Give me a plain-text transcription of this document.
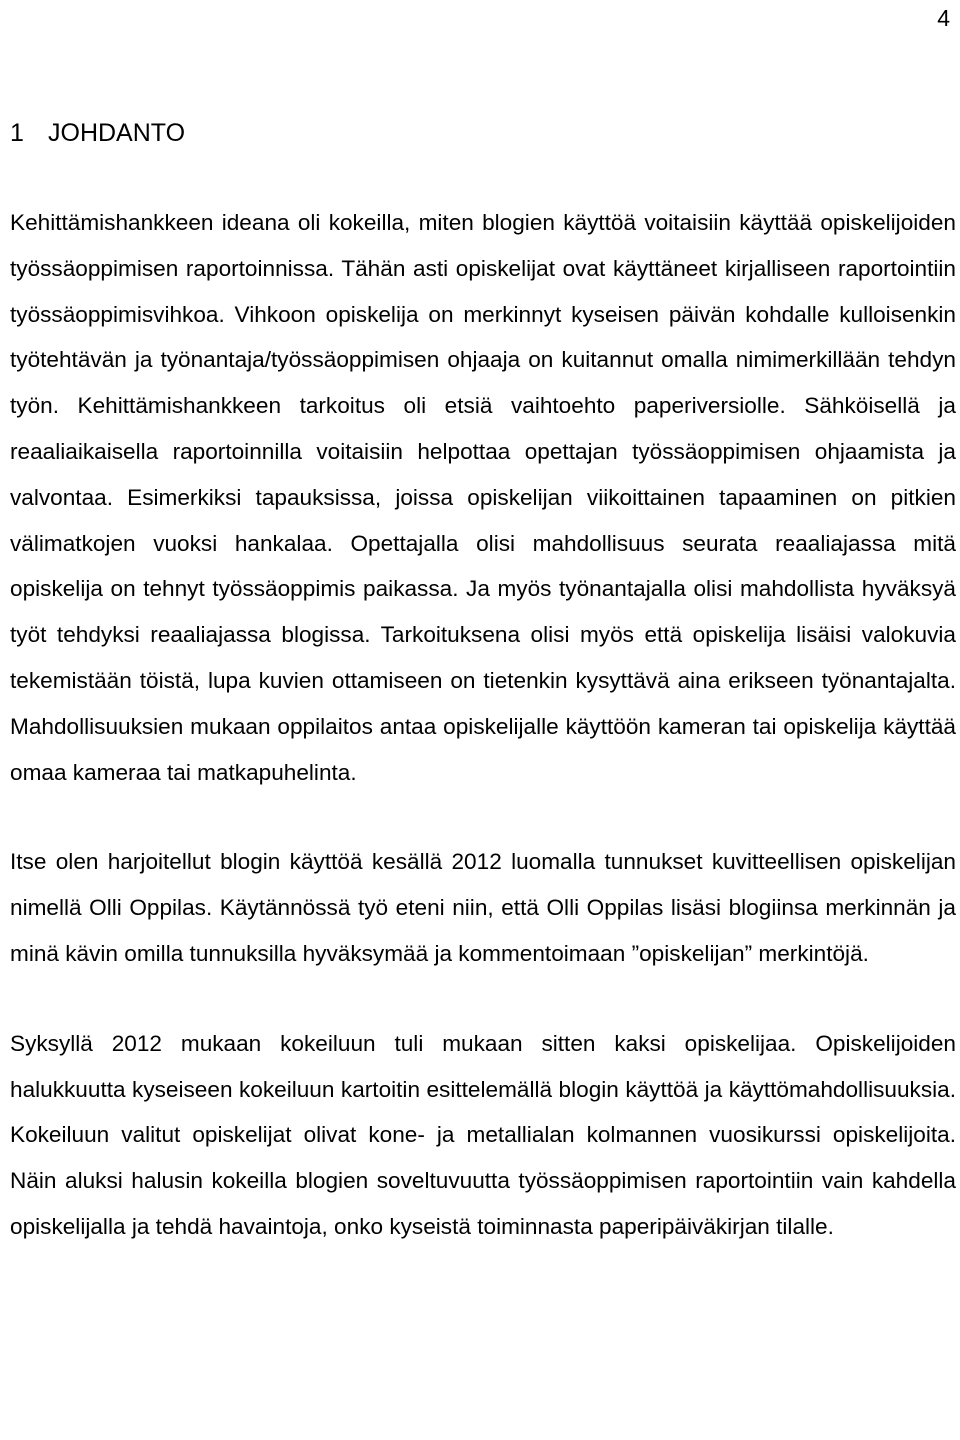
4
1 JOHDANTO

Kehittämishankkeen ideana oli kokeilla, miten blogien käyttöä voitaisiin käyttää opiskelijoiden työssäoppimisen raportoinnissa. Tähän asti opiskelijat ovat käyttäneet kirjalliseen raportointiin työssäoppimisvihkoa. Vihkoon opiskelija on merkinnyt kyseisen päivän kohdalle kulloisenkin työtehtävän ja työnantaja/työssäoppimisen ohjaaja on kuitannut omalla nimimerkillään tehdyn työn. Kehittämishankkeen tarkoitus oli etsiä vaihtoehto paperiversiolle. Sähköisellä ja reaaliaikaisella raportoinnilla voitaisiin helpottaa opettajan työssäoppimisen ohjaamista ja valvontaa. Esimerkiksi tapauksissa, joissa opiskelijan viikoittainen tapaaminen on pitkien välimatkojen vuoksi hankalaa. Opettajalla olisi mahdollisuus seurata reaaliajassa mitä opiskelija on tehnyt työssäoppimis paikassa. Ja myös työnantajalla olisi mahdollista hyväksyä työt tehdyksi reaaliajassa blogissa. Tarkoituksena olisi myös että opiskelija lisäisi valokuvia tekemistään töistä, lupa kuvien ottamiseen on tietenkin kysyttävä aina erikseen työnantajalta. Mahdollisuuksien mukaan oppilaitos antaa opiskelijalle käyttöön kameran tai opiskelija käyttää omaa kameraa tai matkapuhelinta.

Itse olen harjoitellut blogin käyttöä kesällä 2012 luomalla tunnukset kuvitteellisen opiskelijan nimellä Olli Oppilas. Käytännössä työ eteni niin, että Olli Oppilas lisäsi blogiinsa merkinnän ja minä kävin omilla tunnuksilla hyväksymää ja kommentoimaan ”opiskelijan” merkintöjä.

Syksyllä 2012 mukaan kokeiluun tuli mukaan sitten kaksi opiskelijaa. Opiskelijoiden halukkuutta kyseiseen kokeiluun kartoitin esittelemällä blogin käyttöä ja käyttömahdollisuuksia. Kokeiluun valitut opiskelijat olivat kone- ja metallialan kolmannen vuosikurssi opiskelijoita. Näin aluksi halusin kokeilla blogien soveltuvuutta työssäoppimisen raportointiin vain kahdella opiskelijalla ja tehdä havaintoja, onko kyseistä toiminnasta paperipäiväkirjan tilalle.
